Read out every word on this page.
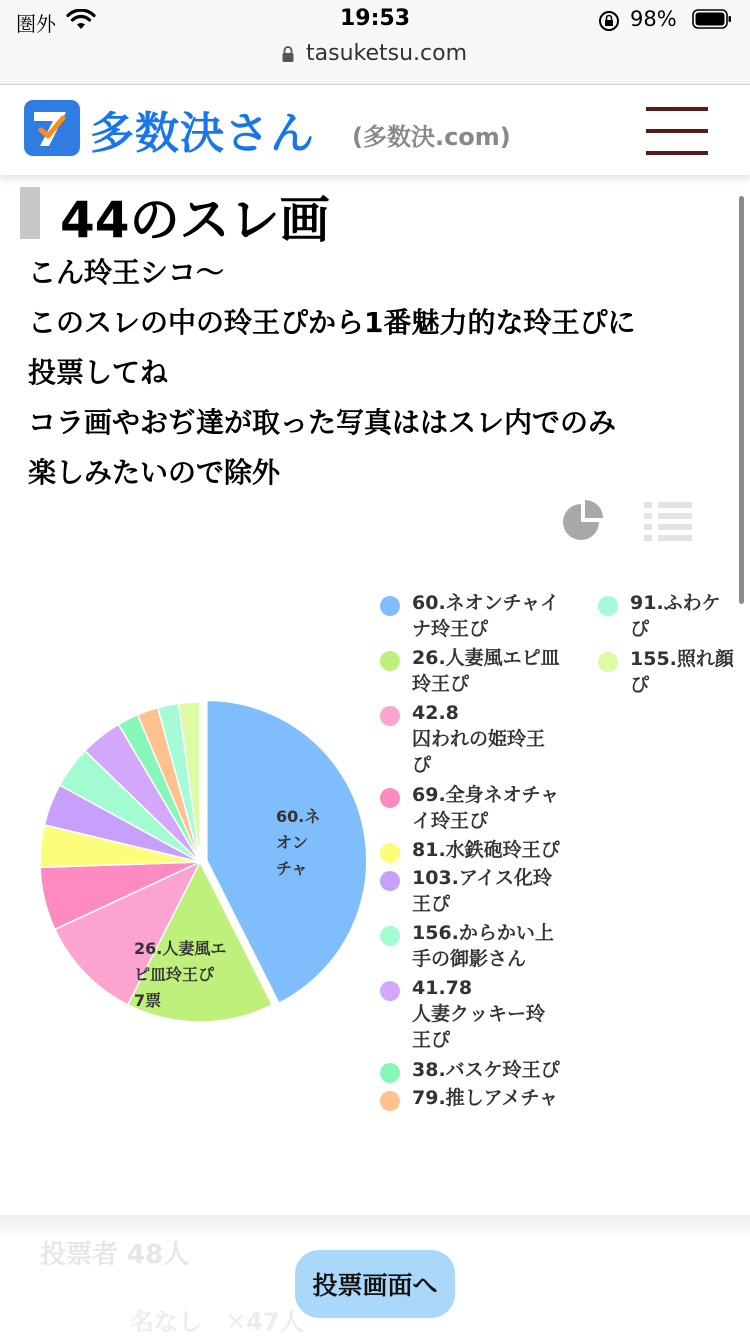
圏外	19:53	98%
tasuketsu.com
多数決さん (多数決.com)
44のスレ画
こん玲王シコ〜
このスレの中の玲王ぴから1番魅力的な玲王ぴに
投票してね
コラ画やおぢ達が取った写真ははスレ内でのみ
楽しみたいので除外
60.ネ
オン
チャ
26.人妻風エ
ピ皿玲王ぴ
7票
60.ネオンチャイ
ナ玲王ぴ
26.人妻風エピ皿
玲王ぴ
42.8
囚われの姫玲王
ぴ
69.全身ネオチャ
イ玲王ぴ
81.水鉄砲玲王ぴ
103.アイス化玲
王ぴ
156.からかい上
手の御影さん
41.78
人妻クッキー玲
王ぴ
38.バスケ玲王ぴ
79.推しアメチャ
91.ふわケ
ぴ
155.照れ顔
ぴ
投票者 48人
名なし　✕47人
投票画面へ
